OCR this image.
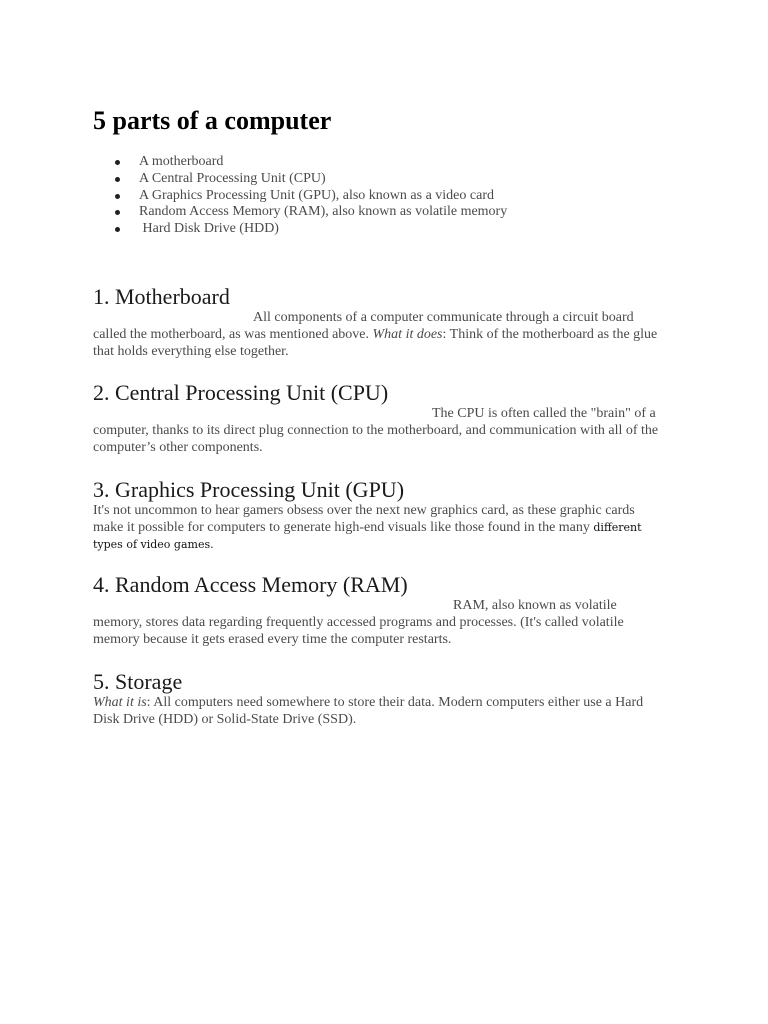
5 parts of a computer
A motherboard
A Central Processing Unit (CPU)
A Graphics Processing Unit (GPU), also known as a video card
Random Access Memory (RAM), also known as volatile memory
Hard Disk Drive (HDD)
1. Motherboard

All components of a computer communicate through a circuit board called the motherboard, as was mentioned above. What it does: Think of the motherboard as the glue that holds everything else together.

2. Central Processing Unit (CPU)

The CPU is often called the "brain" of a computer, thanks to its direct plug connection to the motherboard, and communication with all of the computer’s other components.

3. Graphics Processing Unit (GPU)

It's not uncommon to hear gamers obsess over the next new graphics card, as these graphic cards make it possible for computers to generate high-end visuals like those found in the many different types of video games.

4. Random Access Memory (RAM)

RAM, also known as volatile memory, stores data regarding frequently accessed programs and processes. (It's called volatile memory because it gets erased every time the computer restarts.

5. Storage

What it is: All computers need somewhere to store their data. Modern computers either use a Hard Disk Drive (HDD) or Solid-State Drive (SSD).
